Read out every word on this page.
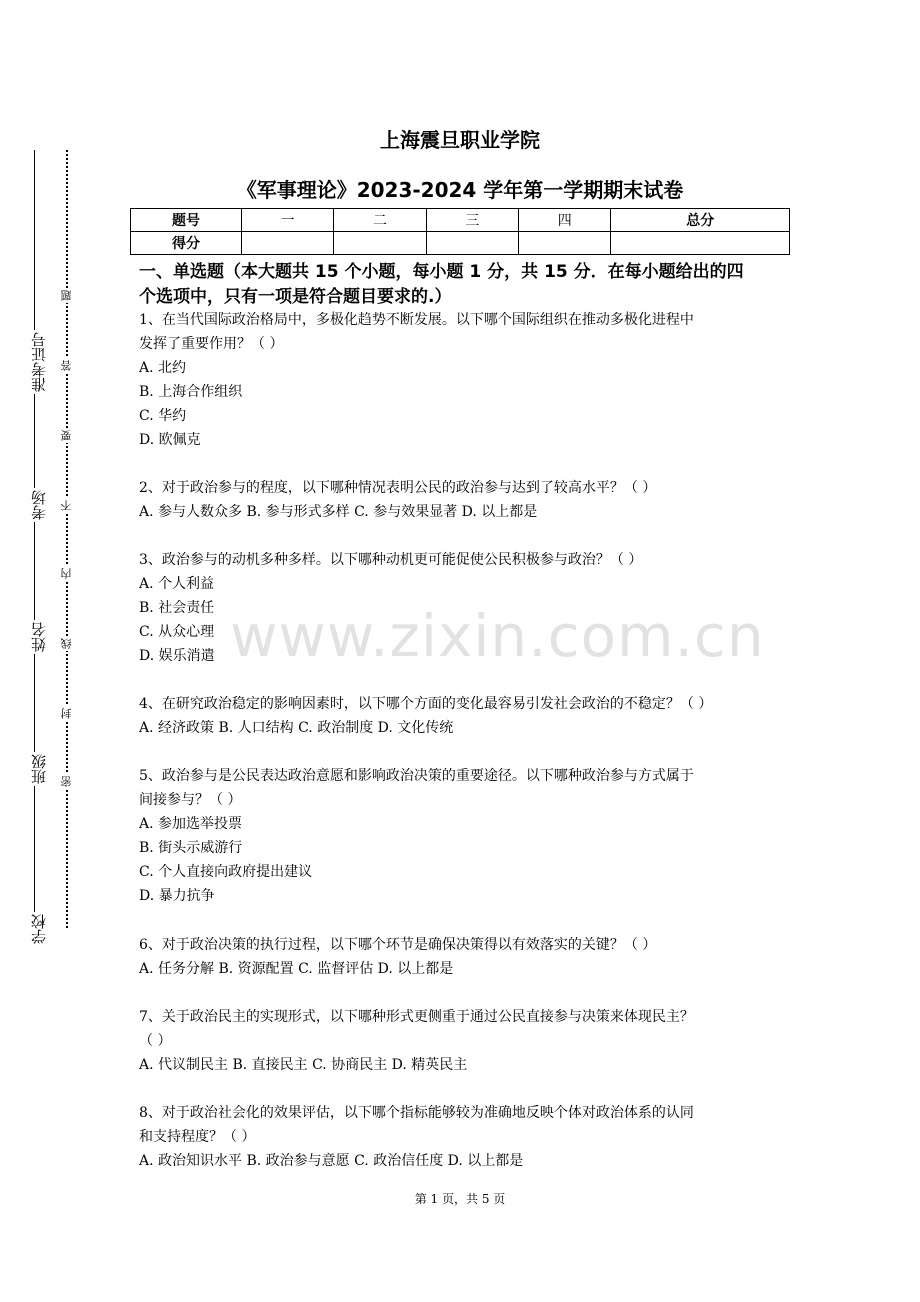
准考证号
考场
姓名
班级
学校
题
答
要
不
内
线
封
密
上海震旦职业学院
《军事理论》2023-2024 学年第一学期期末试卷
题号	一	二	三	四	总分
得分					
一、单选题（本大题共 15 个小题，每小题 1 分，共 15 分．在每小题给出的四
个选项中，只有一项是符合题目要求的.）
1、在当代国际政治格局中，多极化趋势不断发展。以下哪个国际组织在推动多极化进程中
发挥了重要作用？（ ）
A. 北约
B. 上海合作组织
C. 华约
D. 欧佩克
2、对于政治参与的程度，以下哪种情况表明公民的政治参与达到了较高水平？（ ）
A. 参与人数众多 B. 参与形式多样 C. 参与效果显著 D. 以上都是
3、政治参与的动机多种多样。以下哪种动机更可能促使公民积极参与政治？（ ）
A. 个人利益
B. 社会责任
C. 从众心理
D. 娱乐消遣
4、在研究政治稳定的影响因素时，以下哪个方面的变化最容易引发社会政治的不稳定？（ ）
A. 经济政策 B. 人口结构 C. 政治制度 D. 文化传统
5、政治参与是公民表达政治意愿和影响政治决策的重要途径。以下哪种政治参与方式属于
间接参与？（ ）
A. 参加选举投票
B. 街头示威游行
C. 个人直接向政府提出建议
D. 暴力抗争
6、对于政治决策的执行过程，以下哪个环节是确保决策得以有效落实的关键？（ ）
A. 任务分解 B. 资源配置 C. 监督评估 D. 以上都是
7、关于政治民主的实现形式，以下哪种形式更侧重于通过公民直接参与决策来体现民主？
（ ）
A. 代议制民主 B. 直接民主 C. 协商民主 D. 精英民主
8、对于政治社会化的效果评估，以下哪个指标能够较为准确地反映个体对政治体系的认同
和支持程度？（ ）
A. 政治知识水平 B. 政治参与意愿 C. 政治信任度 D. 以上都是
www.zixin.com.cn
第 1 页，共 5 页
